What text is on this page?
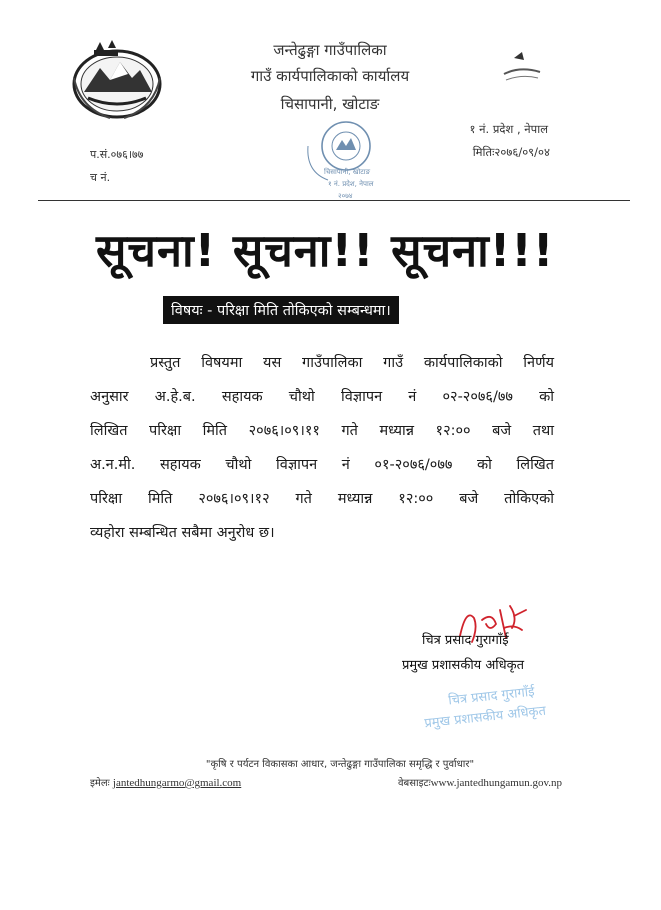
जन्तेढुङ्गा गाउँपालिका
गाउँ कार्यपालिकाको कार्यालय
चिसापानी, खोटाङ
चिसापानी, खोटाङ
१ नं. प्रदेश, नेपाल
२०७४
प.सं.०७६।७७
च नं.
१ नं. प्रदेश , नेपाल
मितिः२०७६/०९/०४
सूचना! सूचना!! सूचना!!!
विषयः - परिक्षा मिति तोकिएको सम्बन्धमा।
प्रस्तुत विषयमा यस गाउँपालिका गाउँ कार्यपालिकाको निर्णय
अनुसार अ.हे.ब. सहायक चौथो विज्ञापन नं ०२-२०७६/७७ को
लिखित परिक्षा मिति २०७६।०९।११ गते मध्यान्न १२:०० बजे तथा
अ.न.मी. सहायक चौथो विज्ञापन नं ०१-२०७६/०७७ को लिखित
परिक्षा मिति २०७६।०९।१२ गते मध्यान्न १२:०० बजे तोकिएको
व्यहोरा सम्बन्धित सबैमा अनुरोध छ।
चित्र प्रसाद गुरागाँई
प्रमुख प्रशासकीय अधिकृत
चित्र प्रसाद गुरागाँई
प्रमुख प्रशासकीय अधिकृत
"कृषि र पर्यटन विकासका आधार, जन्तेढुङ्गा गाउँपालिका समृद्धि र पुर्वाधार"
इमेलः jantedhungarmo@gmail.com	वेबसाइटःwww.jantedhungamun.gov.np
